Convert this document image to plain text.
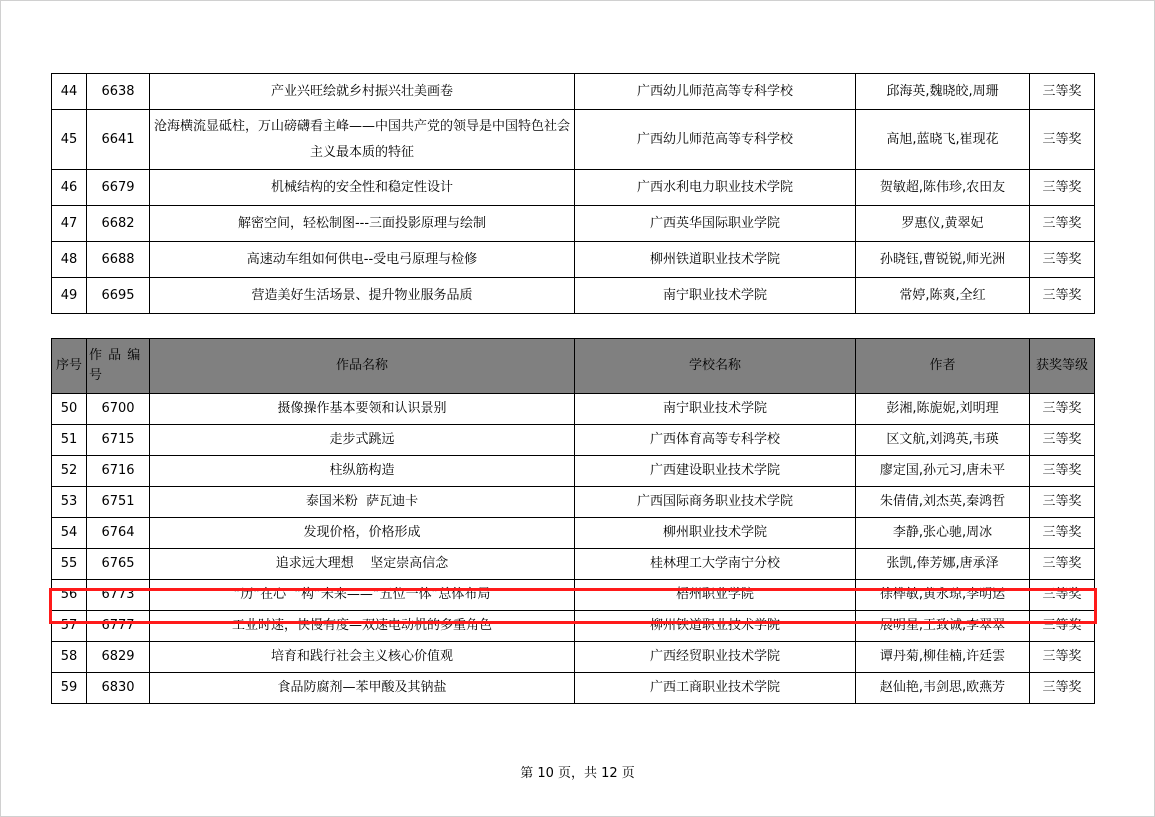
44	6638	产业兴旺绘就乡村振兴壮美画卷	广西幼儿师范高等专科学校	邱海英,魏晓皎,周珊	三等奖
45	6641	沧海横流显砥柱，万山磅礴看主峰——中国共产党的领导是中国特色社会主义最本质的特征	广西幼儿师范高等专科学校	高旭,蓝晓飞,崔现花	三等奖
46	6679	机械结构的安全性和稳定性设计	广西水利电力职业技术学院	贺敏超,陈伟珍,农田友	三等奖
47	6682	解密空间，轻松制图---三面投影原理与绘制	广西英华国际职业学院	罗惠仪,黄翠妃	三等奖
48	6688	高速动车组如何供电--受电弓原理与检修	柳州铁道职业技术学院	孙晓钰,曹锐锐,师光洲	三等奖
49	6695	营造美好生活场景、提升物业服务品质	南宁职业技术学院	常婷,陈爽,全红	三等奖
序号	作 品 编 号	作品名称	学校名称	作者	获奖等级
50	6700	摄像操作基本要领和认识景别	南宁职业技术学院	彭湘,陈旎妮,刘明理	三等奖
51	6715	走步式跳远	广西体育高等专科学校	区文航,刘鸿英,韦瑛	三等奖
52	6716	柱纵筋构造	广西建设职业技术学院	廖定国,孙元习,唐未平	三等奖
53	6751	泰国米粉  萨瓦迪卡	广西国际商务职业技术学院	朱倩倩,刘杰英,秦鸿哲	三等奖
54	6764	发现价格，价格形成	柳州职业技术学院	李静,张心驰,周冰	三等奖
55	6765	追求远大理想    坚定崇高信念	桂林理工大学南宁分校	张凯,俸芳娜,唐承泽	三等奖
56	6773	“历“在心  “构”未来——“五位一体”总体布局	梧州职业学院	徐桦敏,黄永琼,李明运	三等奖
57	6777	工业时速，快慢有度—双速电动机的多重角色	柳州铁道职业技术学院	展明星,王致诚,李翠翠	三等奖
58	6829	培育和践行社会主义核心价值观	广西经贸职业技术学院	谭丹菊,柳佳楠,许廷雲	三等奖
59	6830	食品防腐剂—苯甲酸及其钠盐	广西工商职业技术学院	赵仙艳,韦剑思,欧燕芳	三等奖
第 10 页，共 12 页
